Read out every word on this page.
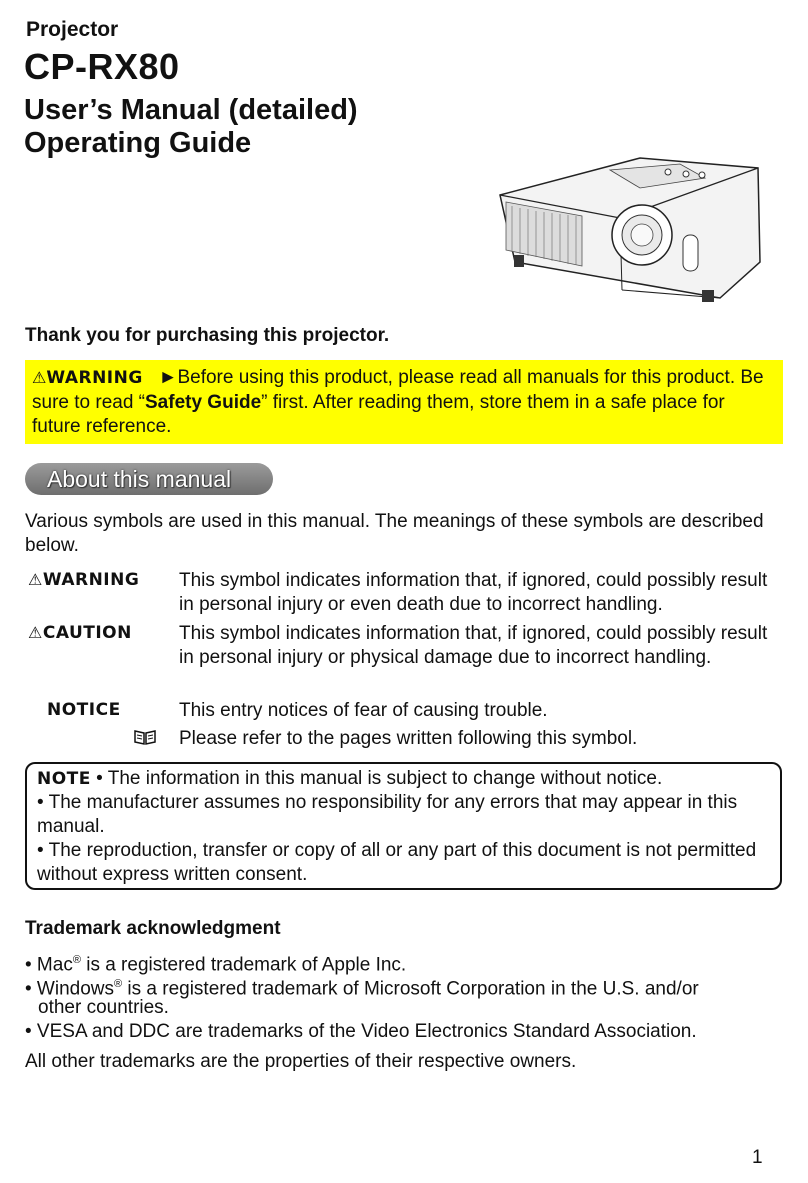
Projector
CP-RX80
User’s Manual (detailed)
Operating Guide
Thank you for purchasing this projector.
⚠WARNING ►Before using this product, please read all manuals for this product. Be sure to read “Safety Guide” first. After reading them, store them in a safe place for future reference.
About this manual
Various symbols are used in this manual. The meanings of these symbols are described below.
⚠WARNING This symbol indicates information that, if ignored, could possibly result in personal injury or even death due to incorrect handling.
⚠CAUTION This symbol indicates information that, if ignored, could possibly result in personal injury or physical damage due to incorrect handling.
NOTICE	This entry notices of fear of causing trouble.
Please refer to the pages written following this symbol.
NOTE • The information in this manual is subject to change without notice.
• The manufacturer assumes no responsibility for any errors that may appear in this manual.
• The reproduction, transfer or copy of all or any part of this document is not permitted without express written consent.
Trademark acknowledgment
• Mac® is a registered trademark of Apple Inc.
• Windows® is a registered trademark of Microsoft Corporation in the U.S. and/or
other countries.
• VESA and DDC are trademarks of the Video Electronics Standard Association.
All other trademarks are the properties of their respective owners.
1
